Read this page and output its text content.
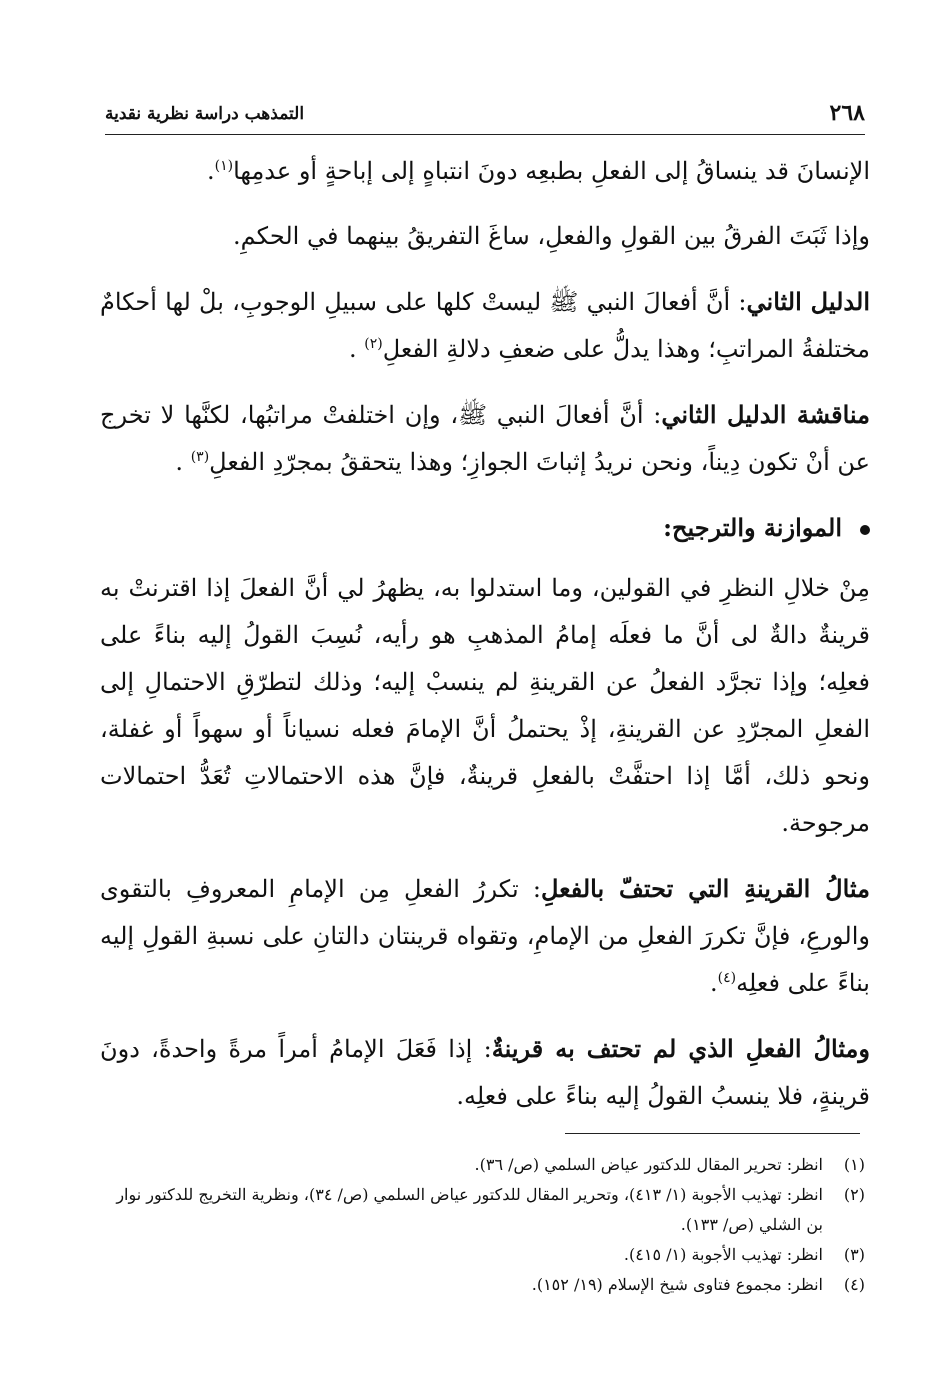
٢٦٨
التمذهب دراسة نظرية نقدية

الإنسانَ قد ينساقُ إلى الفعلِ بطبعِه دونَ انتباهٍ إلى إباحةٍ أو عدمِها$^{(١)}$.

وإذا ثَبَتَ الفرقُ بين القولِ والفعلِ، ساغَ التفريقُ بينهما في الحكمِ.

الدليل الثاني: أنَّ أفعالَ النبي ﷺ ليستْ كلها على سبيلِ الوجوبِ، بلْ لها أحكامٌ مختلفةُ المراتبِ؛ وهذا يدلُّ على ضعفِ دلالةِ الفعلِ$^{(٢)}$ .

مناقشة الدليل الثاني: أنَّ أفعالَ النبي ﷺ، وإن اختلفتْ مراتبُها، لكنَّها لا تخرج عن أنْ تكون دِيناً، ونحن نريدُ إثباتَ الجوازِ؛ وهذا يتحققُ بمجرّدِ الفعلِ$^{(٣)}$ .

الموازنة والترجيح:

مِنْ خلالِ النظرِ في القولين، وما استدلوا به، يظهرُ لي أنَّ الفعلَ إذا اقترنتْ به قرينةٌ دالةٌ لى أنَّ ما فعلَه إمامُ المذهبِ هو رأيه، نُسِبَ القولُ إليه بناءً على فعلِه؛ وإذا تجرَّد الفعلُ عن القرينةِ لم ينسبْ إليه؛ وذلك لتطرّقِ الاحتمالِ إلى الفعلِ المجرّدِ عن القرينةِ، إذْ يحتملُ أنَّ الإمامَ فعله نسياناً أو سهواً أو غفلة، ونحو ذلك، أمَّا إذا احتفَّتْ بالفعلِ قرينةٌ، فإنَّ هذه الاحتمالاتِ تُعَدُّ احتمالات مرجوحة.

مثالُ القرينةِ التي تحتفّ بالفعلِ: تكررُ الفعلِ مِن الإمامِ المعروفِ بالتقوى والورعِ، فإنَّ تكررَ الفعلِ من الإمامِ، وتقواه قرينتان دالتانِ على نسبةِ القولِ إليه بناءً على فعلِه$^{(٤)}$.

ومثالُ الفعلِ الذي لم تحتف به قرينةٌ: إذا فَعَلَ الإمامُ أمراً مرةً واحدةً، دونَ قرينةٍ، فلا ينسبُ القولُ إليه بناءً على فعلِه.

(١)
انظر: تحرير المقال للدكتور عياض السلمي (ص/ ٣٦).
(٢)
انظر: تهذيب الأجوبة (١/ ٤١٣)، وتحرير المقال للدكتور عياض السلمي (ص/ ٣٤)، ونظرية التخريج للدكتور نوار بن الشلي (ص/ ١٣٣).
(٣)
انظر: تهذيب الأجوبة (١/ ٤١٥).
(٤)
انظر: مجموع فتاوى شيخ الإسلام (١٩/ ١٥٢).
